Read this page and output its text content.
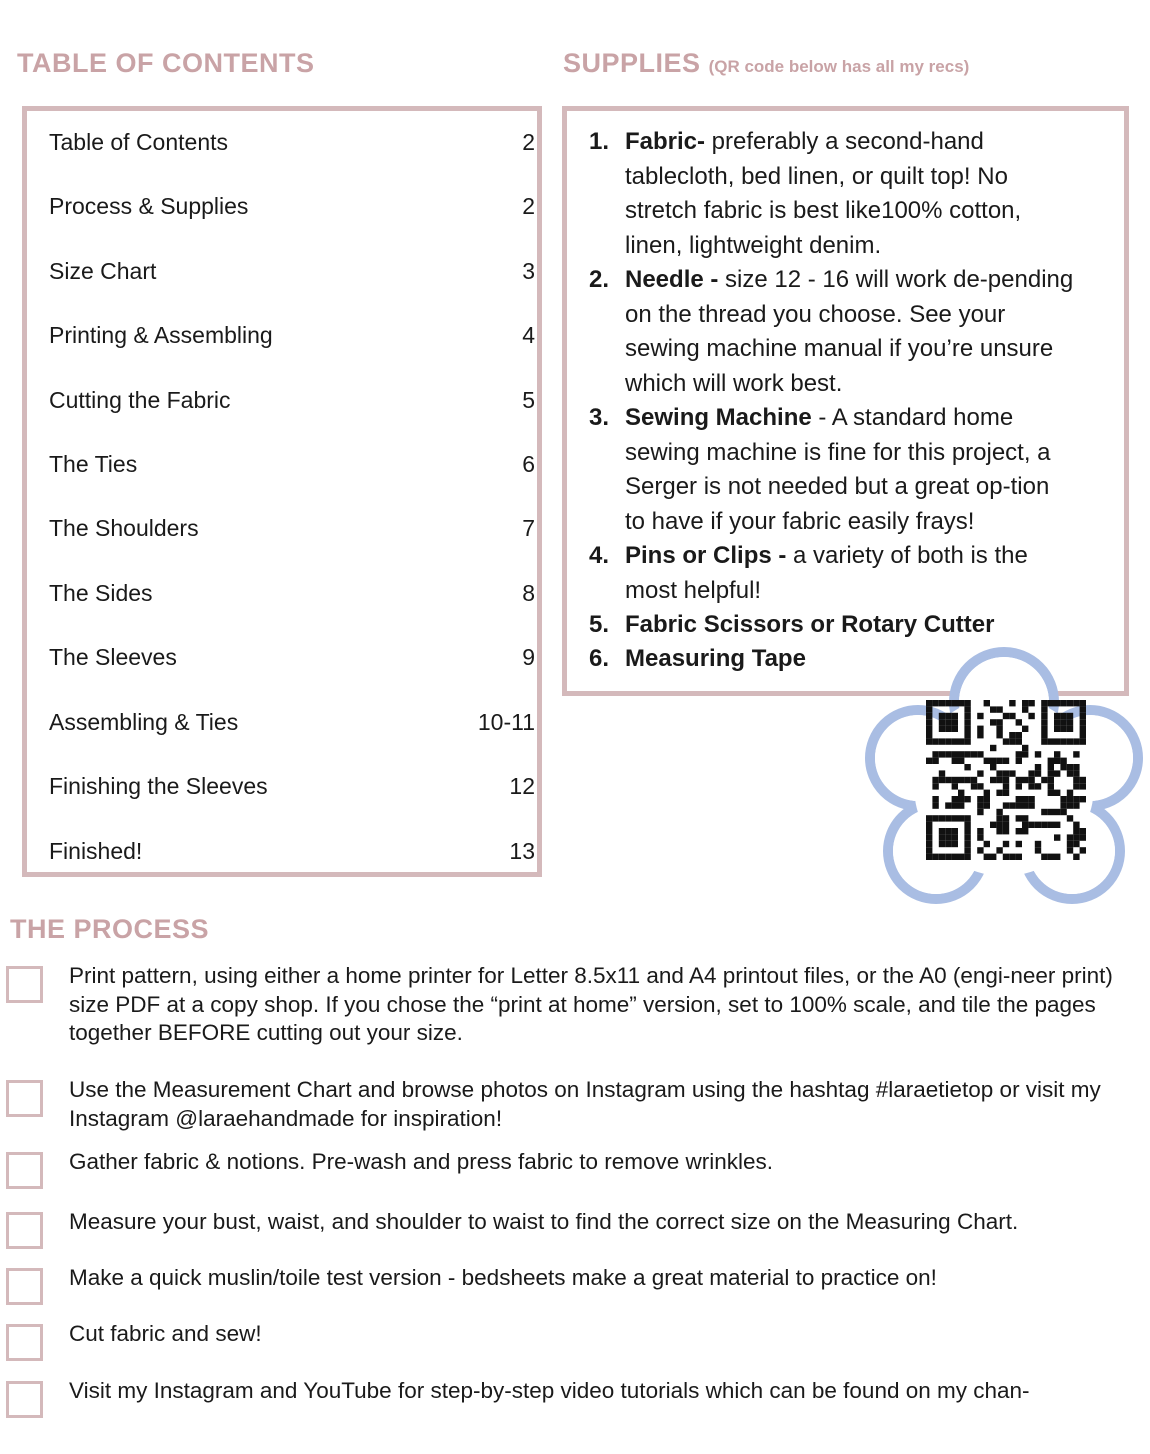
TABLE OF CONTENTS	SUPPLIES (QR code below has all my recs)
Table of Contents	2
Process & Supplies	2
Size Chart	3
Printing & Assembling	4
Cutting the Fabric	5
The Ties	6
The Shoulders	7
The Sides	8
The Sleeves	9
Assembling & Ties	10-11
Finishing the Sleeves	12
Finished!	13
1. Fabric- preferably a second-hand tablecloth, bed linen, or quilt top! No stretch fabric is best like100% cotton, linen, lightweight denim.
2. Needle - size 12 - 16 will work de-pending on the thread you choose. See your sewing machine manual if you’re unsure which will work best.
3. Sewing Machine - A standard home sewing machine is fine for this project, a Serger is not needed but a great op-tion to have if your fabric easily frays!
4. Pins or Clips - a variety of both is the most helpful!
5. Fabric Scissors or Rotary Cutter
6. Measuring Tape
THE PROCESS
Print pattern, using either a home printer for Letter 8.5x11 and A4 printout files, or the A0 (engi-neer print) size PDF at a copy shop. If you chose the “print at home” version, set to 100% scale, and tile the pages together BEFORE cutting out your size.
Use the Measurement Chart and browse photos on Instagram using the hashtag #laraetietop or visit my Instagram @laraehandmade for inspiration!
Gather fabric & notions. Pre-wash and press fabric to remove wrinkles.
Measure your bust, waist, and shoulder to waist to find the correct size on the Measuring Chart.
Make a quick muslin/toile test version - bedsheets make a great material to practice on!
Cut fabric and sew!
Visit my Instagram and YouTube for step-by-step video tutorials which can be found on my chan-
